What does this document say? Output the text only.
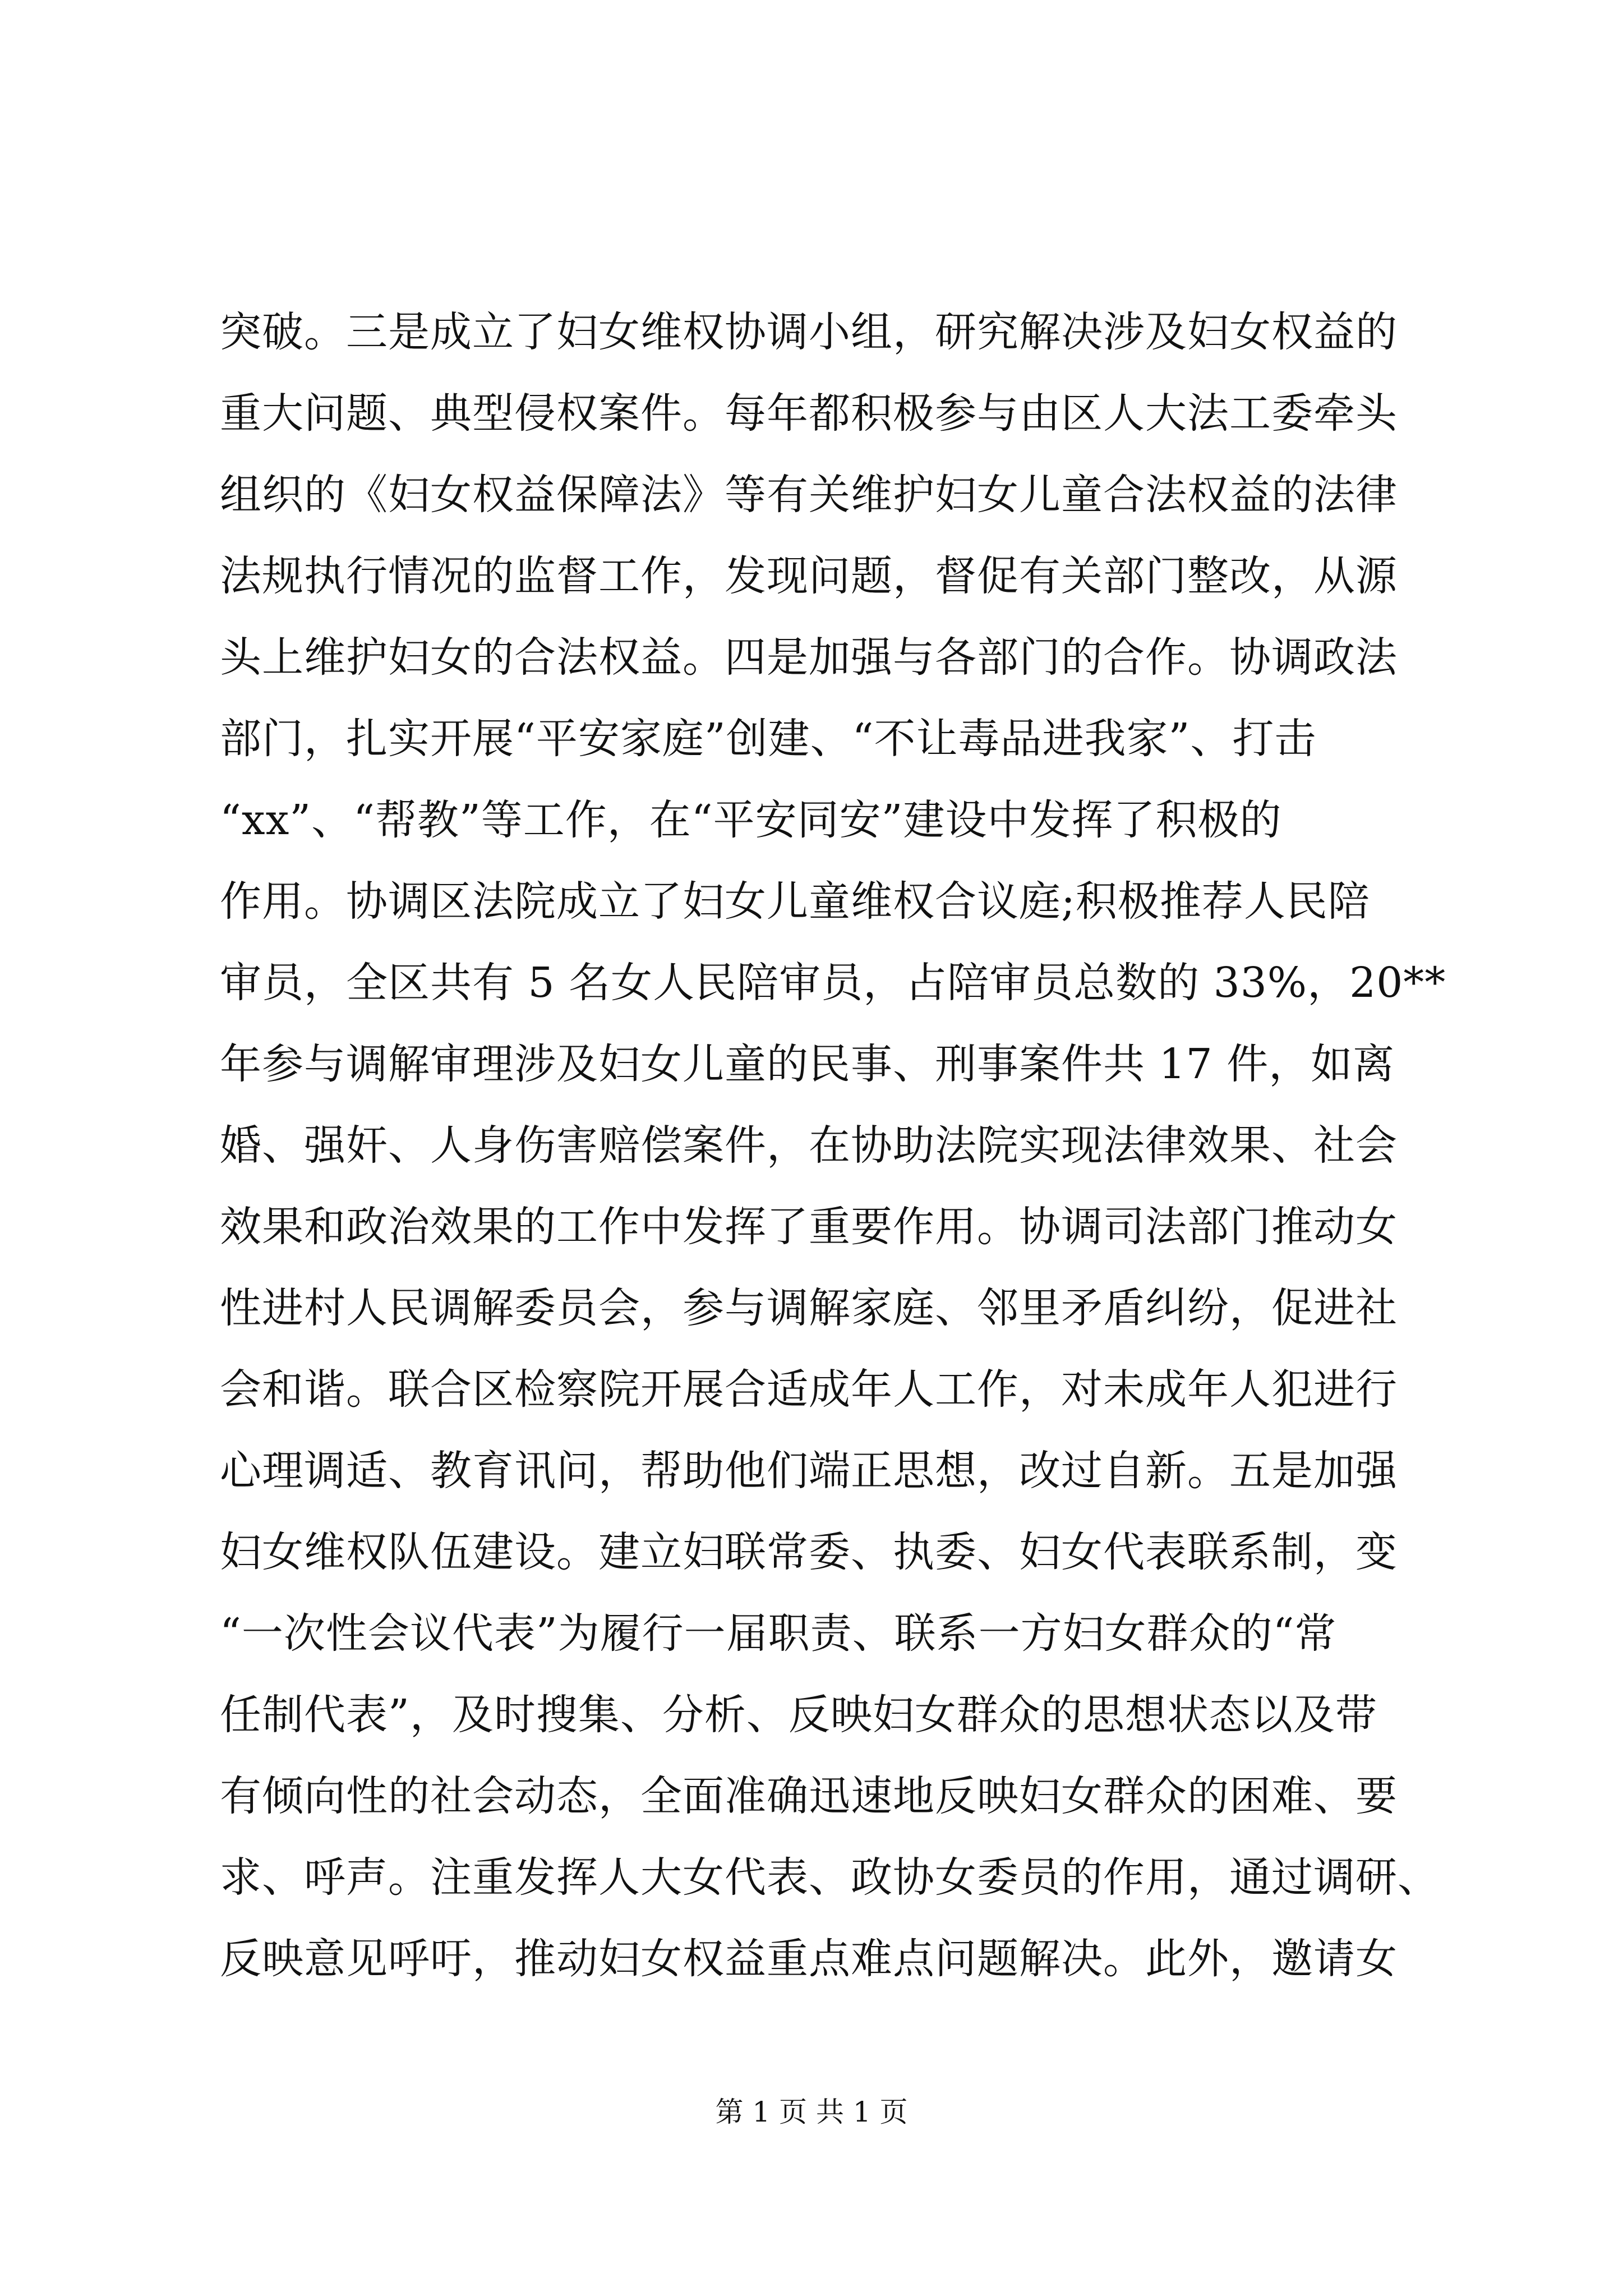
突破。三是成立了妇女维权协调小组，研究解决涉及妇女权益的
重大问题、典型侵权案件。每年都积极参与由区人大法工委牵头
组织的《妇女权益保障法》等有关维护妇女儿童合法权益的法律
法规执行情况的监督工作，发现问题，督促有关部门整改，从源
头上维护妇女的合法权益。四是加强与各部门的合作。协调政法
部门，扎实开展“平安家庭”创建、“不让毒品进我家”、打击
“xx”、“帮教”等工作，在“平安同安”建设中发挥了积极的
作用。协调区法院成立了妇女儿童维权合议庭;积极推荐人民陪
审员，全区共有 5 名女人民陪审员，占陪审员总数的 33%，20**
年参与调解审理涉及妇女儿童的民事、刑事案件共 17 件，如离
婚、强奸、人身伤害赔偿案件，在协助法院实现法律效果、社会
效果和政治效果的工作中发挥了重要作用。协调司法部门推动女
性进村人民调解委员会，参与调解家庭、邻里矛盾纠纷，促进社
会和谐。联合区检察院开展合适成年人工作，对未成年人犯进行
心理调适、教育讯问，帮助他们端正思想，改过自新。五是加强
妇女维权队伍建设。建立妇联常委、执委、妇女代表联系制，变
“一次性会议代表”为履行一届职责、联系一方妇女群众的“常
任制代表”，及时搜集、分析、反映妇女群众的思想状态以及带
有倾向性的社会动态，全面准确迅速地反映妇女群众的困难、要
求、呼声。注重发挥人大女代表、政协女委员的作用，通过调研、
反映意见呼吁，推动妇女权益重点难点问题解决。此外，邀请女
第 1 页 共 1 页
